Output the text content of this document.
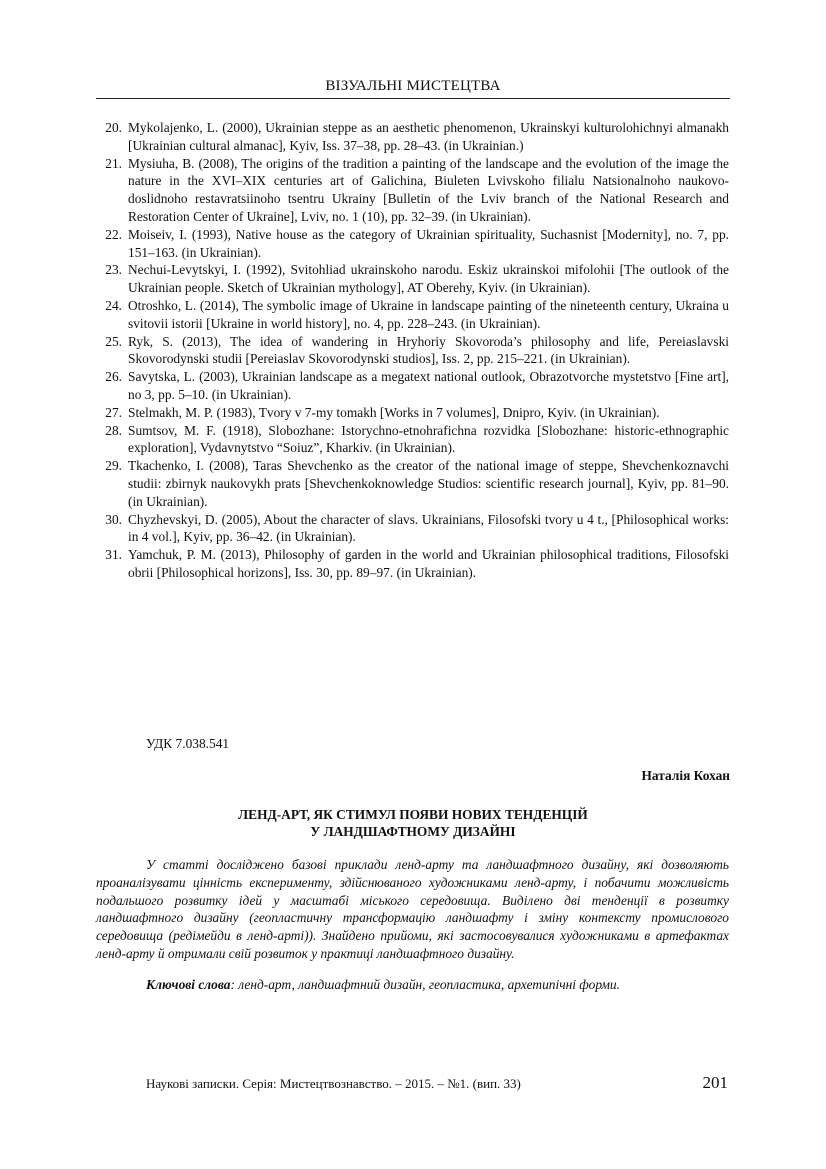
ВІЗУАЛЬНІ МИСТЕЦТВА
20. Mykolajenko, L. (2000), Ukrainian steppe as an aesthetic phenomenon, Ukrainskyi kulturolohichnyi almanakh [Ukrainian cultural almanac], Kyiv, Iss. 37–38, pp. 28–43. (in Ukrainian.)
21. Mysiuha, B. (2008), The origins of the tradition a painting of the landscape and the evolution of the image the nature in the XVI–XIX centuries art of Galichina, Biuleten Lvivskoho filialu Natsionalnoho naukovo-doslidnoho restavratsiinoho tsentru Ukrainy [Bulletin of the Lviv branch of the National Research and Restoration Center of Ukraine], Lviv, no. 1 (10), pp. 32–39. (in Ukrainian).
22. Moiseiv, I. (1993), Native house as the category of Ukrainian spirituality, Suchasnist [Modernity], no. 7, pp. 151–163. (in Ukrainian).
23. Nechui-Levytskyi, I. (1992), Svitohliad ukrainskoho narodu. Eskiz ukrainskoi mifolohii [The outlook of the Ukrainian people. Sketch of Ukrainian mythology], AT Oberehy, Kyiv. (in Ukrainian).
24. Otroshko, L. (2014), The symbolic image of Ukraine in landscape painting of the nineteenth century, Ukraina u svitovii istorii [Ukraine in world history], no. 4, pp. 228–243. (in Ukrainian).
25. Ryk, S. (2013), The idea of wandering in Hryhoriy Skovoroda’s philosophy and life, Pereiaslavski Skovorodynski studii [Pereiaslav Skovorodynski studios], Iss. 2, pp. 215–221. (in Ukrainian).
26. Savytska, L. (2003), Ukrainian landscape as a megatext national outlook, Obrazotvorche mystetstvo [Fine art], no 3, pp. 5–10. (in Ukrainian).
27. Stelmakh, M. P. (1983), Tvory v 7-my tomakh [Works in 7 volumes], Dnipro, Kyiv. (in Ukrainian).
28. Sumtsov, M. F. (1918), Slobozhane: Istorychno-etnohrafichna rozvidka [Slobozhane: historic-ethnographic exploration], Vydavnytstvo “Soiuz”, Kharkiv. (in Ukrainian).
29. Tkachenko, I. (2008), Taras Shevchenko as the creator of the national image of steppe, Shevchenkoznavchi studii: zbirnyk naukovykh prats [Shevchenkoknowledge Studios: scientific research journal], Kyiv, pp. 81–90. (in Ukrainian).
30. Chyzhevskyi, D. (2005), About the character of slavs. Ukrainians, Filosofski tvory u 4 t., [Philosophical works: in 4 vol.], Kyiv, pp. 36–42. (in Ukrainian).
31. Yamchuk, P. M. (2013), Philosophy of garden in the world and Ukrainian philosophical traditions, Filosofski obrii [Philosophical horizons], Iss. 30, pp. 89–97. (in Ukrainian).
УДК 7.038.541
Наталія Кохан
ЛЕНД-АРТ, ЯК СТИМУЛ ПОЯВИ НОВИХ ТЕНДЕНЦІЙ
У ЛАНДШАФТНОМУ ДИЗАЙНІ

У статті досліджено базові приклади ленд-арту та ландшафтного дизайну, які дозволяють проаналізувати цінність експерименту, здійснюваного художниками ленд-арту, і побачити можливість подальшого розвитку ідей у масштабі міського середовища. Виділено дві тенденції в розвитку ландшафтного дизайну (геопластичну трансформацію ландшафту і зміну контексту промислового середовища (редімейди в ленд-арті)). Знайдено прийоми, які застосовувалися художниками в артефактах ленд-арту й отримали свій розвиток у практиці ландшафтного дизайну.

Ключові слова: ленд-арт, ландшафтний дизайн, геопластика, архетипічні форми.

Наукові записки. Серія: Мистецтвознавство. – 2015. – №1. (вип. 33)	201
